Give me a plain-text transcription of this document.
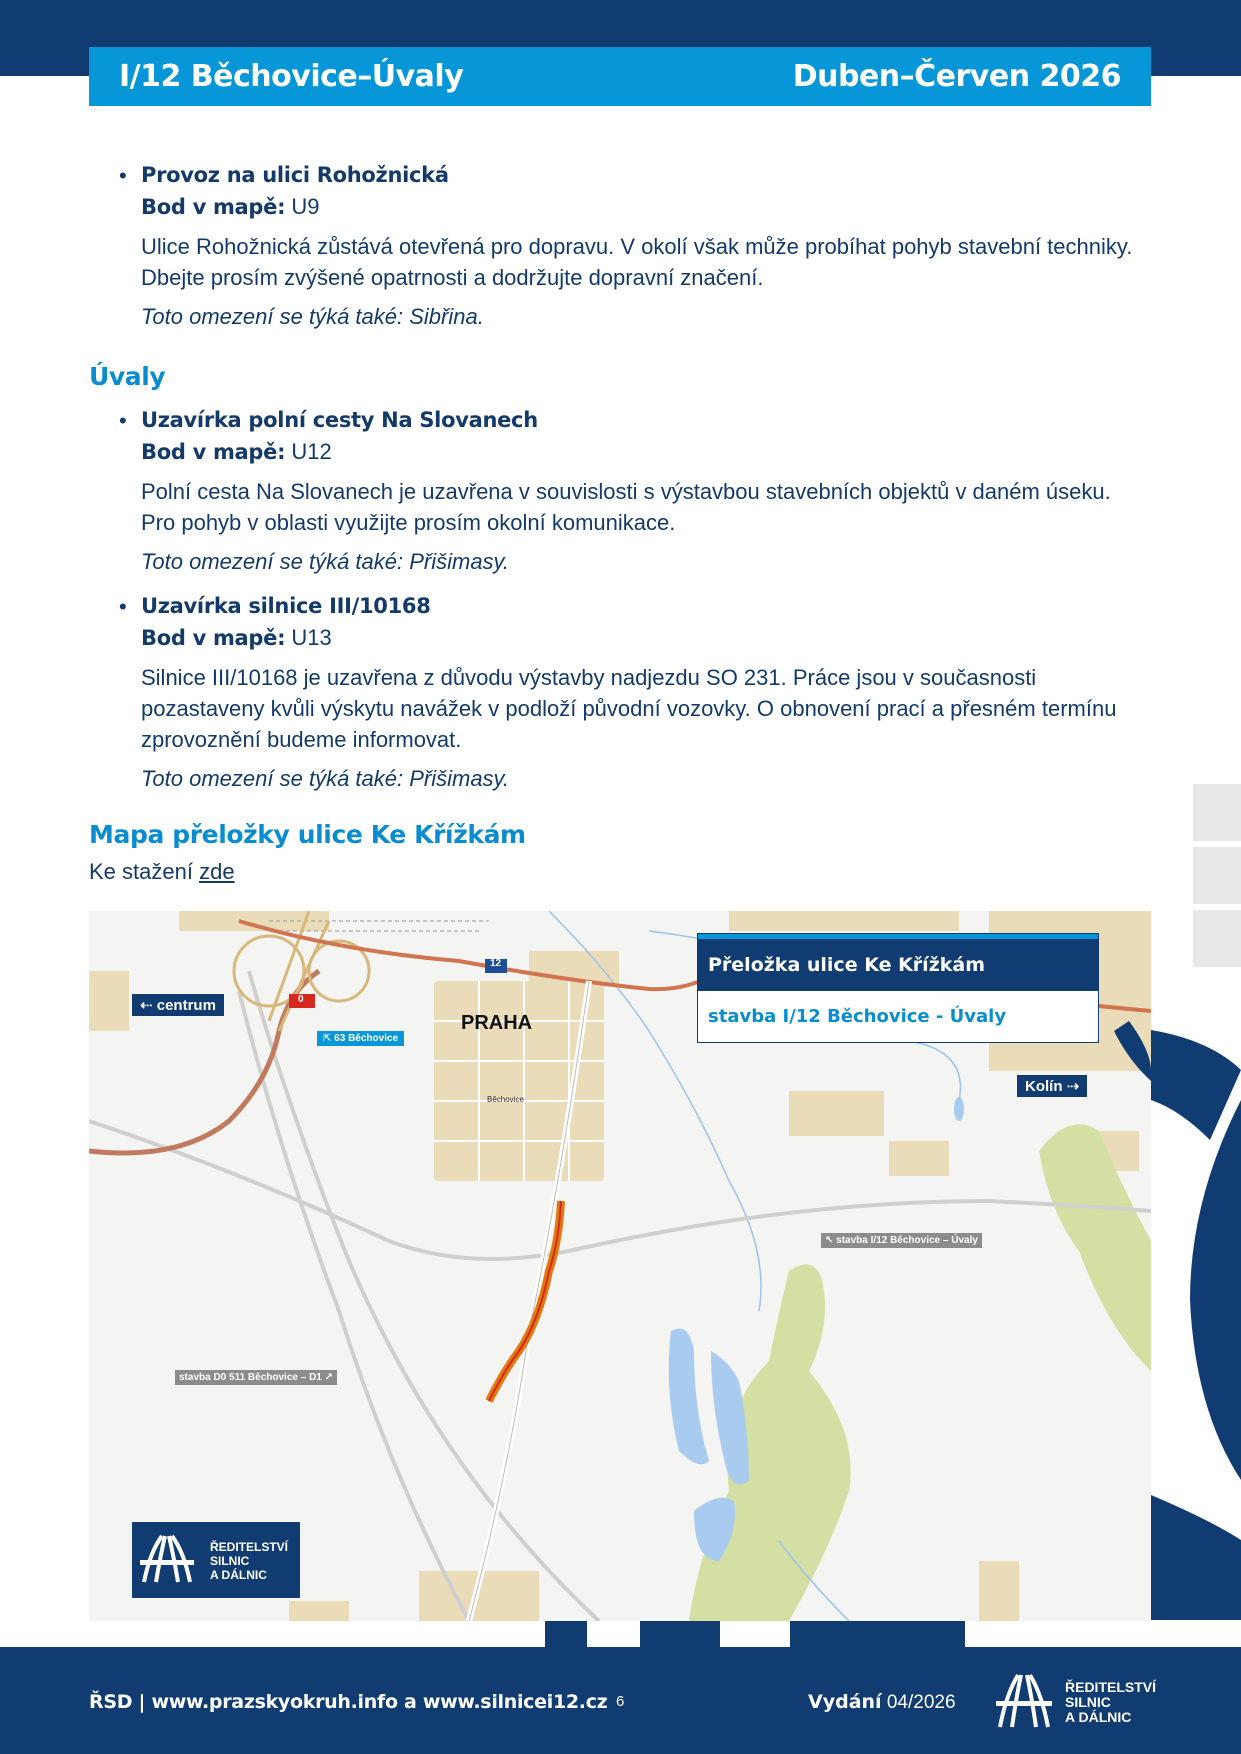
I/12 Běchovice–Úvaly	Duben–Červen 2026
• Provoz na ulici Rohožnická
Bod v mapě: U9
Ulice Rohožnická zůstává otevřená pro dopravu. V okolí však může probíhat pohyb stavební techniky. Dbejte prosím zvýšené opatrnosti a dodržujte dopravní značení.
Toto omezení se týká také: Sibřina.
Úvaly
• Uzavírka polní cesty Na Slovanech
Bod v mapě: U12
Polní cesta Na Slovanech je uzavřena v souvislosti s výstavbou stavebních objektů v daném úseku. Pro pohyb v oblasti využijte prosím okolní komunikace.
Toto omezení se týká také: Přišimasy.
• Uzavírka silnice III/10168
Bod v mapě: U13
Silnice III/10168 je uzavřena z důvodu výstavby nadjezdu SO 231. Práce jsou v současnosti pozastaveny kvůli výskytu navážek v podloží původní vozovky. O obnovení prací a přesném termínu zprovoznění budeme informovat.
Toto omezení se týká také: Přišimasy.
Mapa přeložky ulice Ke Křížkám
Ke stažení zde
12
0
Přeložka ulice Ke Křížkám
stavba I/12 Běchovice - Úvaly
⇠ centrum
Kolín ⇢
⇱ 63 Běchovice
PRAHA
Běchovice
↖ stavba I/12 Běchovice – Úvaly
stavba D0 511 Běchovice – D1 ↗
ŘEDITELSTVÍ
SILNIC
A DÁLNIC
ŘSD | www.prazskyokruh.info a www.silnicei12.cz 6	Vydání 04/2026
ŘEDITELSTVÍ
SILNIC
A DÁLNIC
